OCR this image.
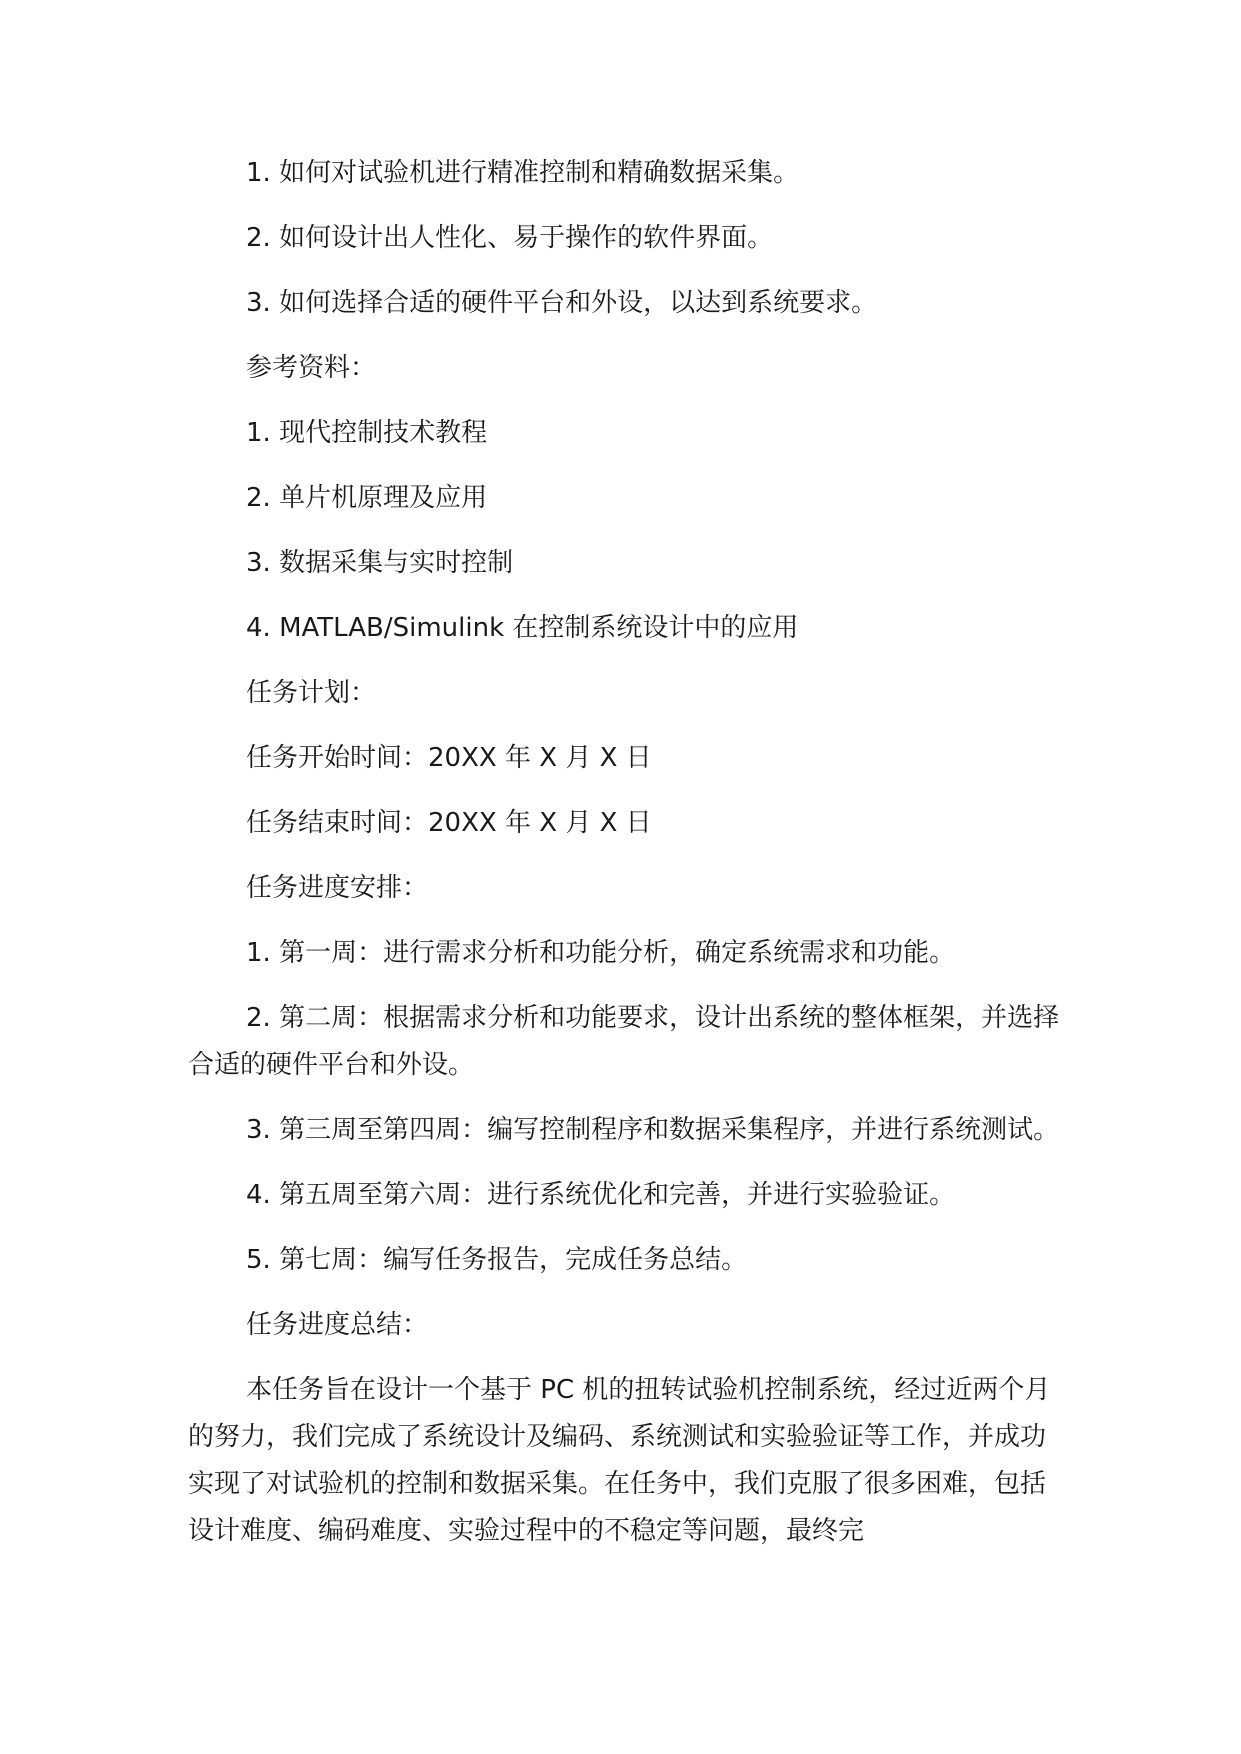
1. 如何对试验机进行精准控制和精确数据采集。

2. 如何设计出人性化、易于操作的软件界面。

3. 如何选择合适的硬件平台和外设，以达到系统要求。

参考资料：

1. 现代控制技术教程

2. 单片机原理及应用

3. 数据采集与实时控制

4. MATLAB/Simulink 在控制系统设计中的应用

任务计划：

任务开始时间：20XX 年 X 月 X 日

任务结束时间：20XX 年 X 月 X 日

任务进度安排：

1. 第一周：进行需求分析和功能分析，确定系统需求和功能。

2. 第二周：根据需求分析和功能要求，设计出系统的整体框架，并选择合适的硬件平台和外设。

3. 第三周至第四周：编写控制程序和数据采集程序，并进行系统测试。

4. 第五周至第六周：进行系统优化和完善，并进行实验验证。

5. 第七周：编写任务报告，完成任务总结。

任务进度总结：

本任务旨在设计一个基于 PC 机的扭转试验机控制系统，经过近两个月的努力，我们完成了系统设计及编码、系统测试和实验验证等工作，并成功实现了对试验机的控制和数据采集。在任务中，我们克服了很多困难，包括设计难度、编码难度、实验过程中的不稳定等问题，最终完
